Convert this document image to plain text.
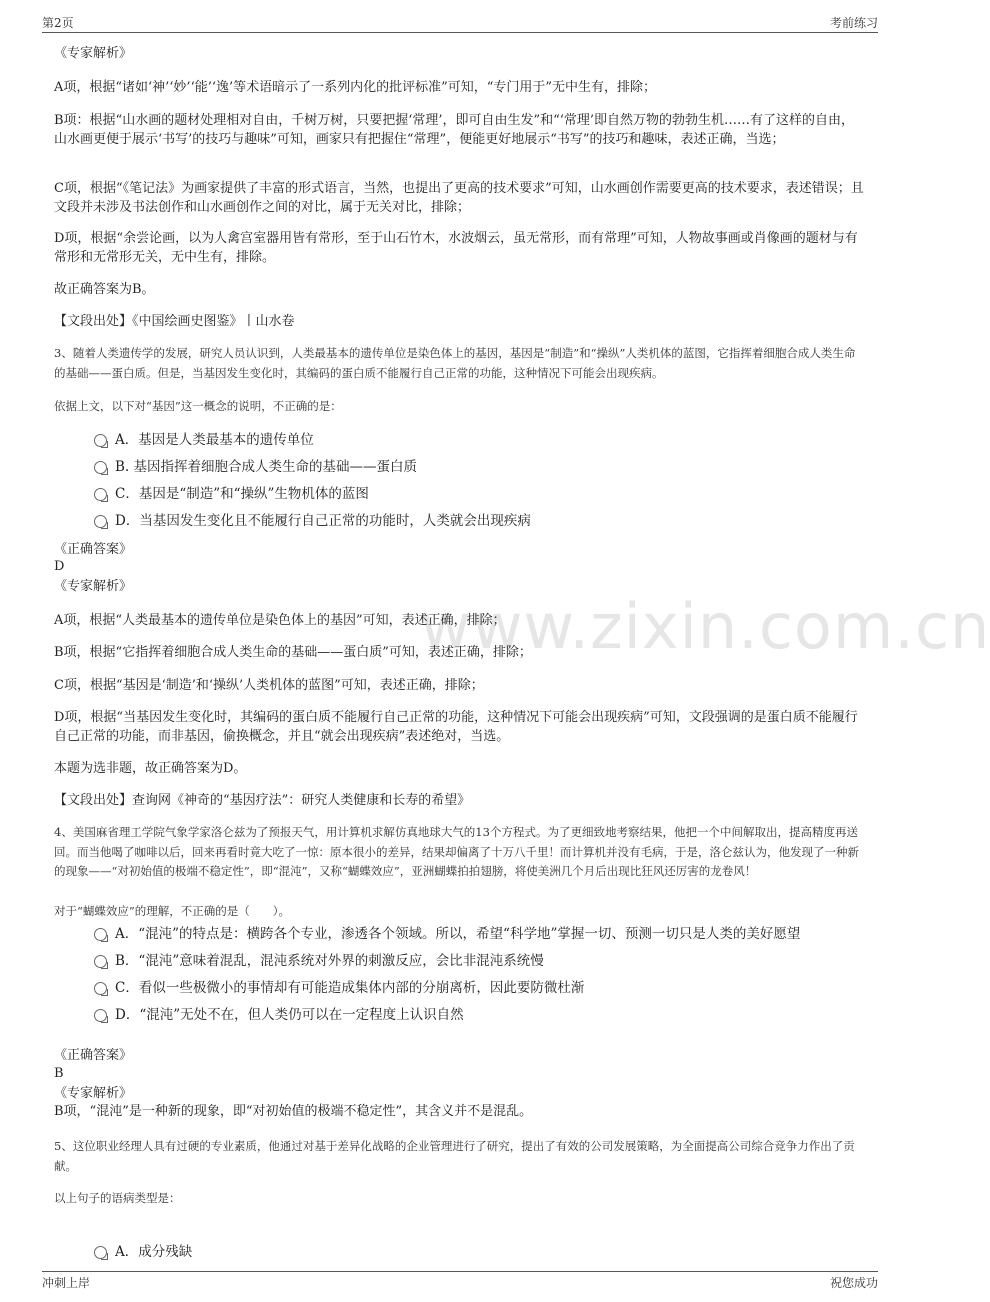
第2页	考前练习
www.zixin.com.cn
《专家解析》
A项，根据“诸如‘神’‘妙’‘能’‘逸’等术语暗示了一系列内化的批评标准”可知，“专门用于”无中生有，排除；
B项：根据“山水画的题材处理相对自由，千树万树，只要把握‘常理’，即可自由生发”和“‘常理’即自然万物的勃勃生机……有了这样的自由，山水画更便于展示‘书写’的技巧与趣味”可知，画家只有把握住“常理”，便能更好地展示“书写”的技巧和趣味，表述正确，当选；
C项，根据“《笔记法》为画家提供了丰富的形式语言，当然，也提出了更高的技术要求”可知，山水画创作需要更高的技术要求，表述错误；且文段并未涉及书法创作和山水画创作之间的对比，属于无关对比，排除；
D项，根据“余尝论画，以为人禽宫室器用皆有常形，至于山石竹木，水波烟云，虽无常形，而有常理”可知，人物故事画或肖像画的题材与有常形和无常形无关，无中生有，排除。
故正确答案为B。
【文段出处】《中国绘画史图鉴》丨山水卷
3、随着人类遗传学的发展，研究人员认识到，人类最基本的遗传单位是染色体上的基因，基因是“制造”和“操纵”人类机体的蓝图，它指挥着细胞合成人类生命的基础——蛋白质。但是，当基因发生变化时，其编码的蛋白质不能履行自己正常的功能，这种情况下可能会出现疾病。
依据上文，以下对“基因”这一概念的说明，不正确的是：
A．基因是人类最基本的遗传单位
B. 基因指挥着细胞合成人类生命的基础——蛋白质
C．基因是“制造”和“操纵”生物机体的蓝图
D．当基因发生变化且不能履行自己正常的功能时，人类就会出现疾病
《正确答案》
D
《专家解析》
A项，根据“人类最基本的遗传单位是染色体上的基因”可知，表述正确，排除；
B项，根据“它指挥着细胞合成人类生命的基础——蛋白质”可知，表述正确，排除；
C项，根据“基因是‘制造’和‘操纵’人类机体的蓝图”可知，表述正确，排除；
D项，根据“当基因发生变化时，其编码的蛋白质不能履行自己正常的功能，这种情况下可能会出现疾病”可知，文段强调的是蛋白质不能履行自己正常的功能，而非基因，偷换概念，并且“就会出现疾病”表述绝对，当选。
本题为选非题，故正确答案为D。
【文段出处】查询网《神奇的“基因疗法”：研究人类健康和长寿的希望》
4、美国麻省理工学院气象学家洛仑兹为了预报天气，用计算机求解仿真地球大气的13个方程式。为了更细致地考察结果，他把一个中间解取出，提高精度再送回。而当他喝了咖啡以后，回来再看时竟大吃了一惊：原本很小的差异，结果却偏离了十万八千里！而计算机并没有毛病，于是，洛仑兹认为，他发现了一种新的现象——“对初始值的极端不稳定性”，即“混沌”，又称“蝴蝶效应”，亚洲蝴蝶拍拍翅膀，将使美洲几个月后出现比狂风还厉害的龙卷风！
对于“蝴蝶效应”的理解，不正确的是（　　）。
A．“混沌”的特点是：横跨各个专业，渗透各个领域。所以，希望“科学地”掌握一切、预测一切只是人类的美好愿望
B．“混沌”意味着混乱，混沌系统对外界的刺激反应，会比非混沌系统慢
C．看似一些极微小的事情却有可能造成集体内部的分崩离析，因此要防微杜渐
D．“混沌”无处不在，但人类仍可以在一定程度上认识自然
《正确答案》
B
《专家解析》
B项，“混沌”是一种新的现象，即“对初始值的极端不稳定性”，其含义并不是混乱。
5、这位职业经理人具有过硬的专业素质，他通过对基于差异化战略的企业管理进行了研究，提出了有效的公司发展策略，为全面提高公司综合竞争力作出了贡献。
以上句子的语病类型是：
A．成分残缺
冲刺上岸	祝您成功
